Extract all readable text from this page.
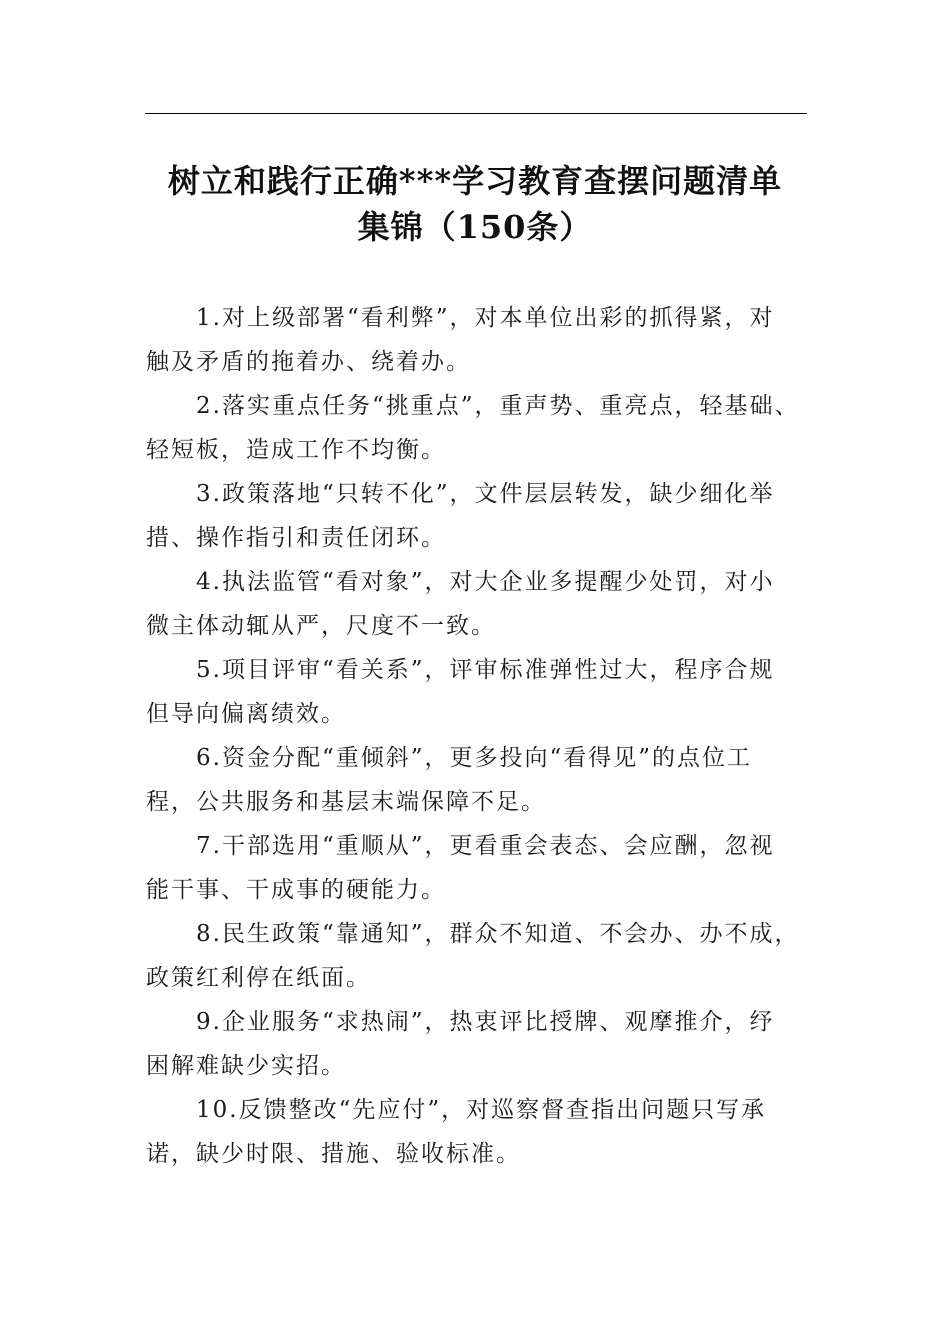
树立和践行正确***学习教育查摆问题清单
集锦（150条）
1.对上级部署“看利弊”，对本单位出彩的抓得紧，对
触及矛盾的拖着办、绕着办。
2.落实重点任务“挑重点”，重声势、重亮点，轻基础、
轻短板，造成工作不均衡。
3.政策落地“只转不化”，文件层层转发，缺少细化举
措、操作指引和责任闭环。
4.执法监管“看对象”，对大企业多提醒少处罚，对小
微主体动辄从严，尺度不一致。
5.项目评审“看关系”，评审标准弹性过大，程序合规
但导向偏离绩效。
6.资金分配“重倾斜”，更多投向“看得见”的点位工
程，公共服务和基层末端保障不足。
7.干部选用“重顺从”，更看重会表态、会应酬，忽视
能干事、干成事的硬能力。
8.民生政策“靠通知”，群众不知道、不会办、办不成，
政策红利停在纸面。
9.企业服务“求热闹”，热衷评比授牌、观摩推介，纾
困解难缺少实招。
10.反馈整改“先应付”，对巡察督查指出问题只写承
诺，缺少时限、措施、验收标准。
